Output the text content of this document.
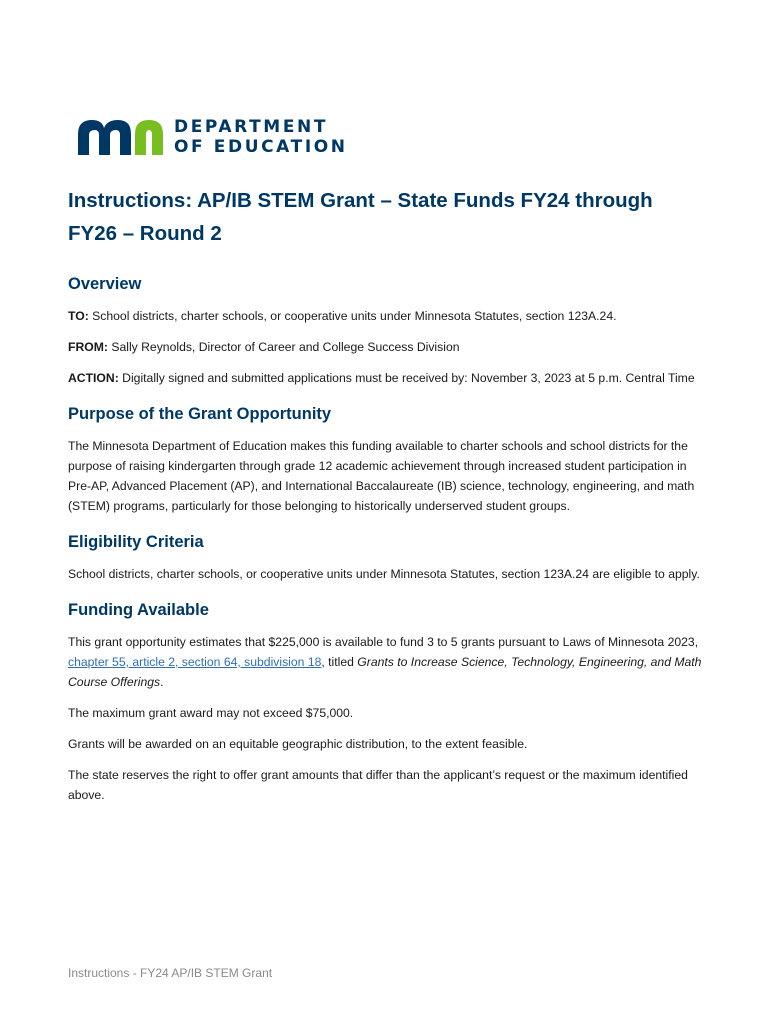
DEPARTMENT
OF EDUCATION
Instructions: AP/IB STEM Grant – State Funds FY24 through FY26 – Round 2
Overview

TO: School districts, charter schools, or cooperative units under Minnesota Statutes, section 123A.24.

FROM: Sally Reynolds, Director of Career and College Success Division

ACTION: Digitally signed and submitted applications must be received by: November 3, 2023 at 5 p.m. Central Time

Purpose of the Grant Opportunity

The Minnesota Department of Education makes this funding available to charter schools and school districts for the purpose of raising kindergarten through grade 12 academic achievement through increased student participation in Pre-AP, Advanced Placement (AP), and International Baccalaureate (IB) science, technology, engineering, and math (STEM) programs, particularly for those belonging to historically underserved student groups.

Eligibility Criteria

School districts, charter schools, or cooperative units under Minnesota Statutes, section 123A.24 are eligible to apply.

Funding Available

This grant opportunity estimates that $225,000 is available to fund 3 to 5 grants pursuant to Laws of Minnesota 2023, chapter 55, article 2, section 64, subdivision 18, titled Grants to Increase Science, Technology, Engineering, and Math Course Offerings.

The maximum grant award may not exceed $75,000.

Grants will be awarded on an equitable geographic distribution, to the extent feasible.

The state reserves the right to offer grant amounts that differ than the applicant’s request or the maximum identified above.

Instructions - FY24 AP/IB STEM Grant
